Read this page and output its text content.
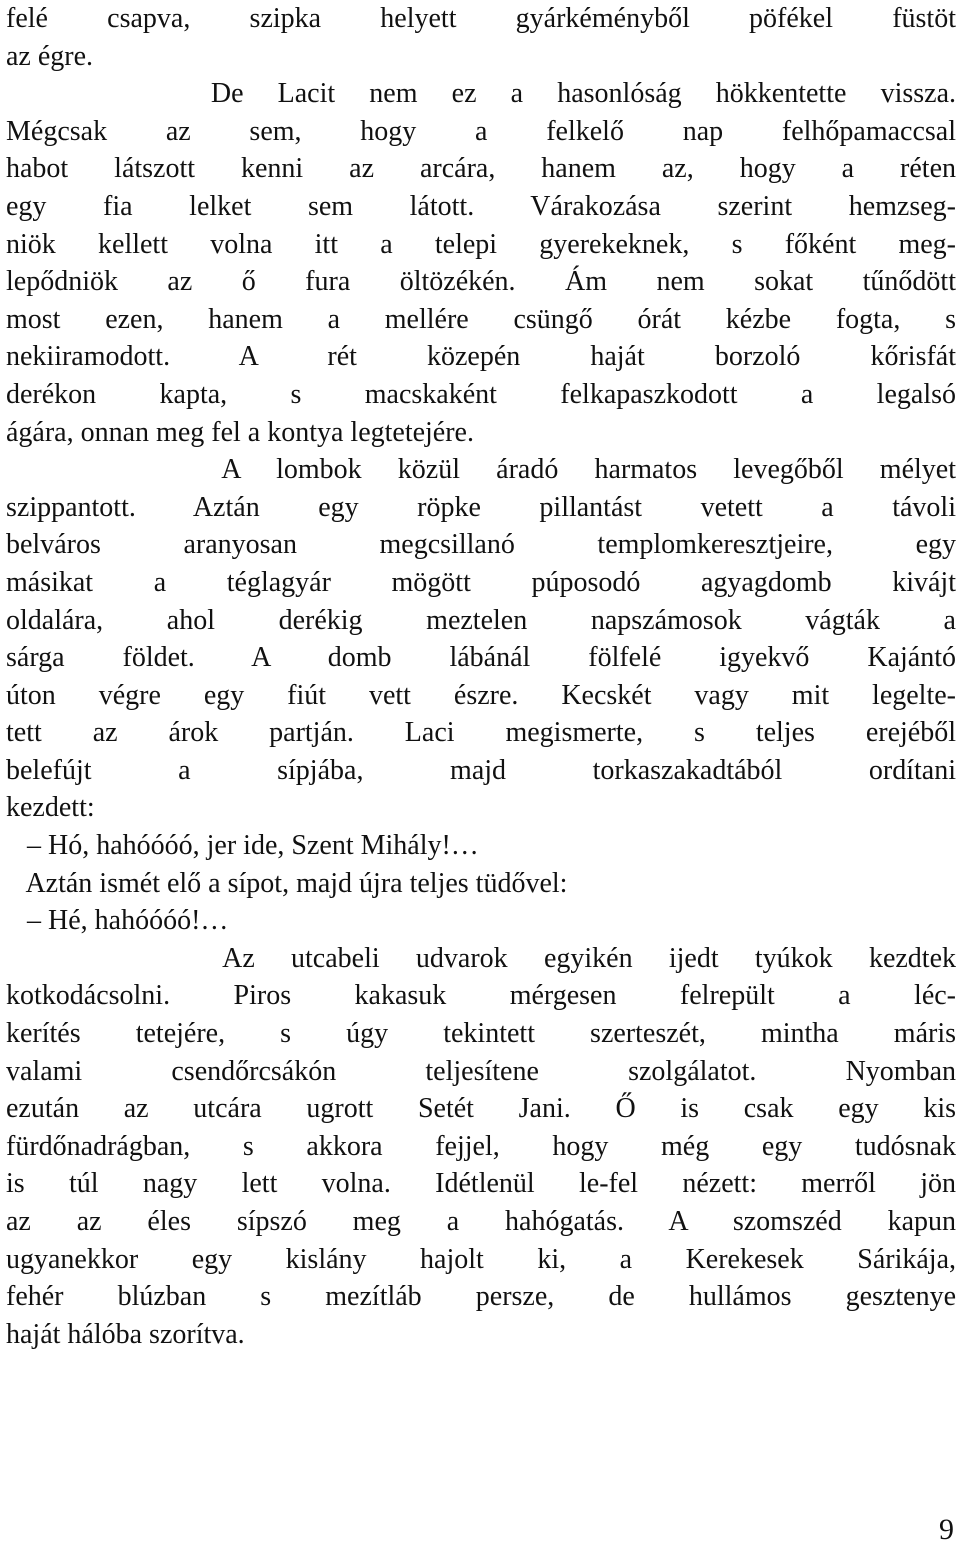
felé csapva, szipka helyett gyárkéményből pöfékel füstöt
az égre.
De Lacit nem ez a hasonlóság hökkentette vissza.
Mégcsak az sem, hogy a felkelő nap felhőpamaccsal
habot látszott kenni az arcára, hanem az, hogy a réten
egy fia lelket sem látott. Várakozása szerint hemzseg-
niök kellett volna itt a telepi gyerekeknek, s főként meg-
lepődniök az ő fura öltözékén. Ám nem sokat tűnődött
most ezen, hanem a mellére csüngő órát kézbe fogta, s
nekiiramodott. A rét közepén haját borzoló kőrisfát
derékon kapta, s macskaként felkapaszkodott a legalsó
ágára, onnan meg fel a kontya legtetejére.
A lombok közül áradó harmatos levegőből mélyet
szippantott. Aztán egy röpke pillantást vetett a távoli
belváros aranyosan megcsillanó templomkeresztjeire, egy
másikat a téglagyár mögött púposodó agyagdomb kivájt
oldalára, ahol derékig meztelen napszámosok vágták a
sárga földet. A domb lábánál fölfelé igyekvő Kajántó
úton végre egy fiút vett észre. Kecskét vagy mit legelte-
tett az árok partján. Laci megismerte, s teljes erejéből
belefújt a sípjába, majd torkaszakadtából ordítani
kezdett:
– Hó, hahóóóó, jer ide, Szent Mihály!…
Aztán ismét elő a sípot, majd újra teljes tüdővel:
– Hé, hahóóóó!…
Az utcabeli udvarok egyikén ijedt tyúkok kezdtek
kotkodácsolni. Piros kakasuk mérgesen felrepült a léc-
kerítés tetejére, s úgy tekintett szerteszét, mintha máris
valami csendőrcsákón teljesítene szolgálatot. Nyomban
ezután az utcára ugrott Setét Jani. Ő is csak egy kis
fürdőnadrágban, s akkora fejjel, hogy még egy tudósnak
is túl nagy lett volna. Idétlenül le-fel nézett: merről jön
az az éles sípszó meg a hahógatás. A szomszéd kapun
ugyanekkor egy kislány hajolt ki, a Kerekesek Sárikája,
fehér blúzban s mezítláb persze, de hullámos gesztenye
haját hálóba szorítva.
9
